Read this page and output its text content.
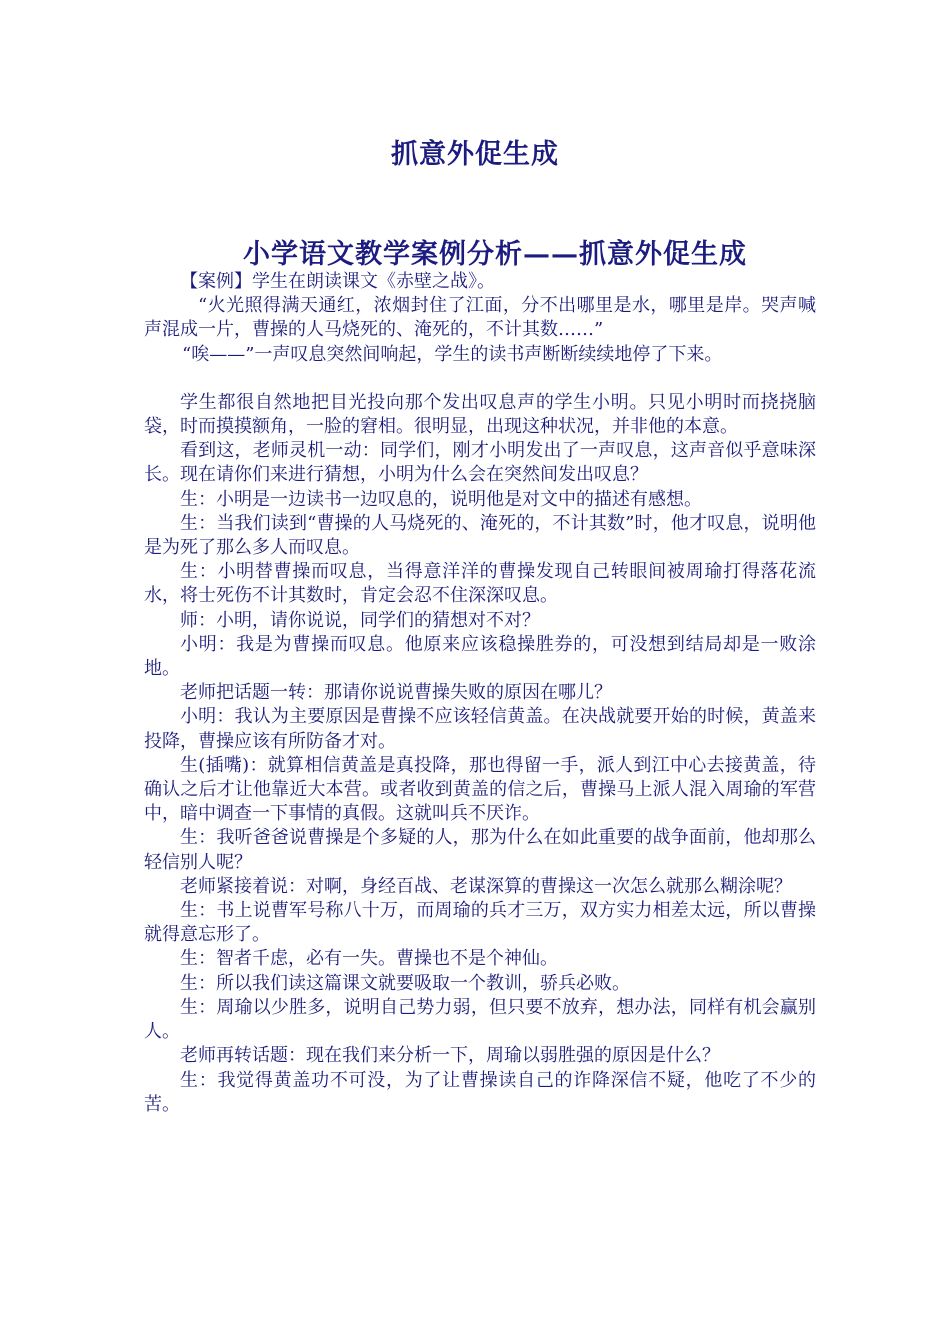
抓意外促生成
小学语文教学案例分析——抓意外促生成

【案例】学生在朗读课文《赤壁之战》。

“火光照得满天通红，浓烟封住了江面，分不出哪里是水，哪里是岸。哭声喊声混成一片，曹操的人马烧死的、淹死的，不计其数……”

“唉——”一声叹息突然间响起，学生的读书声断断续续地停了下来。

学生都很自然地把目光投向那个发出叹息声的学生小明。只见小明时而挠挠脑袋，时而摸摸额角，一脸的窘相。很明显，出现这种状况，并非他的本意。

看到这，老师灵机一动：同学们，刚才小明发出了一声叹息，这声音似乎意味深长。现在请你们来进行猜想，小明为什么会在突然间发出叹息？

生：小明是一边读书一边叹息的，说明他是对文中的描述有感想。

生：当我们读到“曹操的人马烧死的、淹死的，不计其数”时，他才叹息，说明他是为死了那么多人而叹息。

生：小明替曹操而叹息，当得意洋洋的曹操发现自己转眼间被周瑜打得落花流水，将士死伤不计其数时，肯定会忍不住深深叹息。

师：小明，请你说说，同学们的猜想对不对？

小明：我是为曹操而叹息。他原来应该稳操胜券的，可没想到结局却是一败涂地。

老师把话题一转：那请你说说曹操失败的原因在哪儿？

小明：我认为主要原因是曹操不应该轻信黄盖。在决战就要开始的时候，黄盖来投降，曹操应该有所防备才对。

生(插嘴)：就算相信黄盖是真投降，那也得留一手，派人到江中心去接黄盖，待确认之后才让他靠近大本营。或者收到黄盖的信之后，曹操马上派人混入周瑜的军营中，暗中调查一下事情的真假。这就叫兵不厌诈。

生：我听爸爸说曹操是个多疑的人，那为什么在如此重要的战争面前，他却那么轻信别人呢？

老师紧接着说：对啊，身经百战、老谋深算的曹操这一次怎么就那么糊涂呢？

生：书上说曹军号称八十万，而周瑜的兵才三万，双方实力相差太远，所以曹操就得意忘形了。

生：智者千虑，必有一失。曹操也不是个神仙。

生：所以我们读这篇课文就要吸取一个教训，骄兵必败。

生：周瑜以少胜多，说明自己势力弱，但只要不放弃，想办法，同样有机会赢别人。

老师再转话题：现在我们来分析一下，周瑜以弱胜强的原因是什么？

生：我觉得黄盖功不可没，为了让曹操读自己的诈降深信不疑，他吃了不少的苦。
